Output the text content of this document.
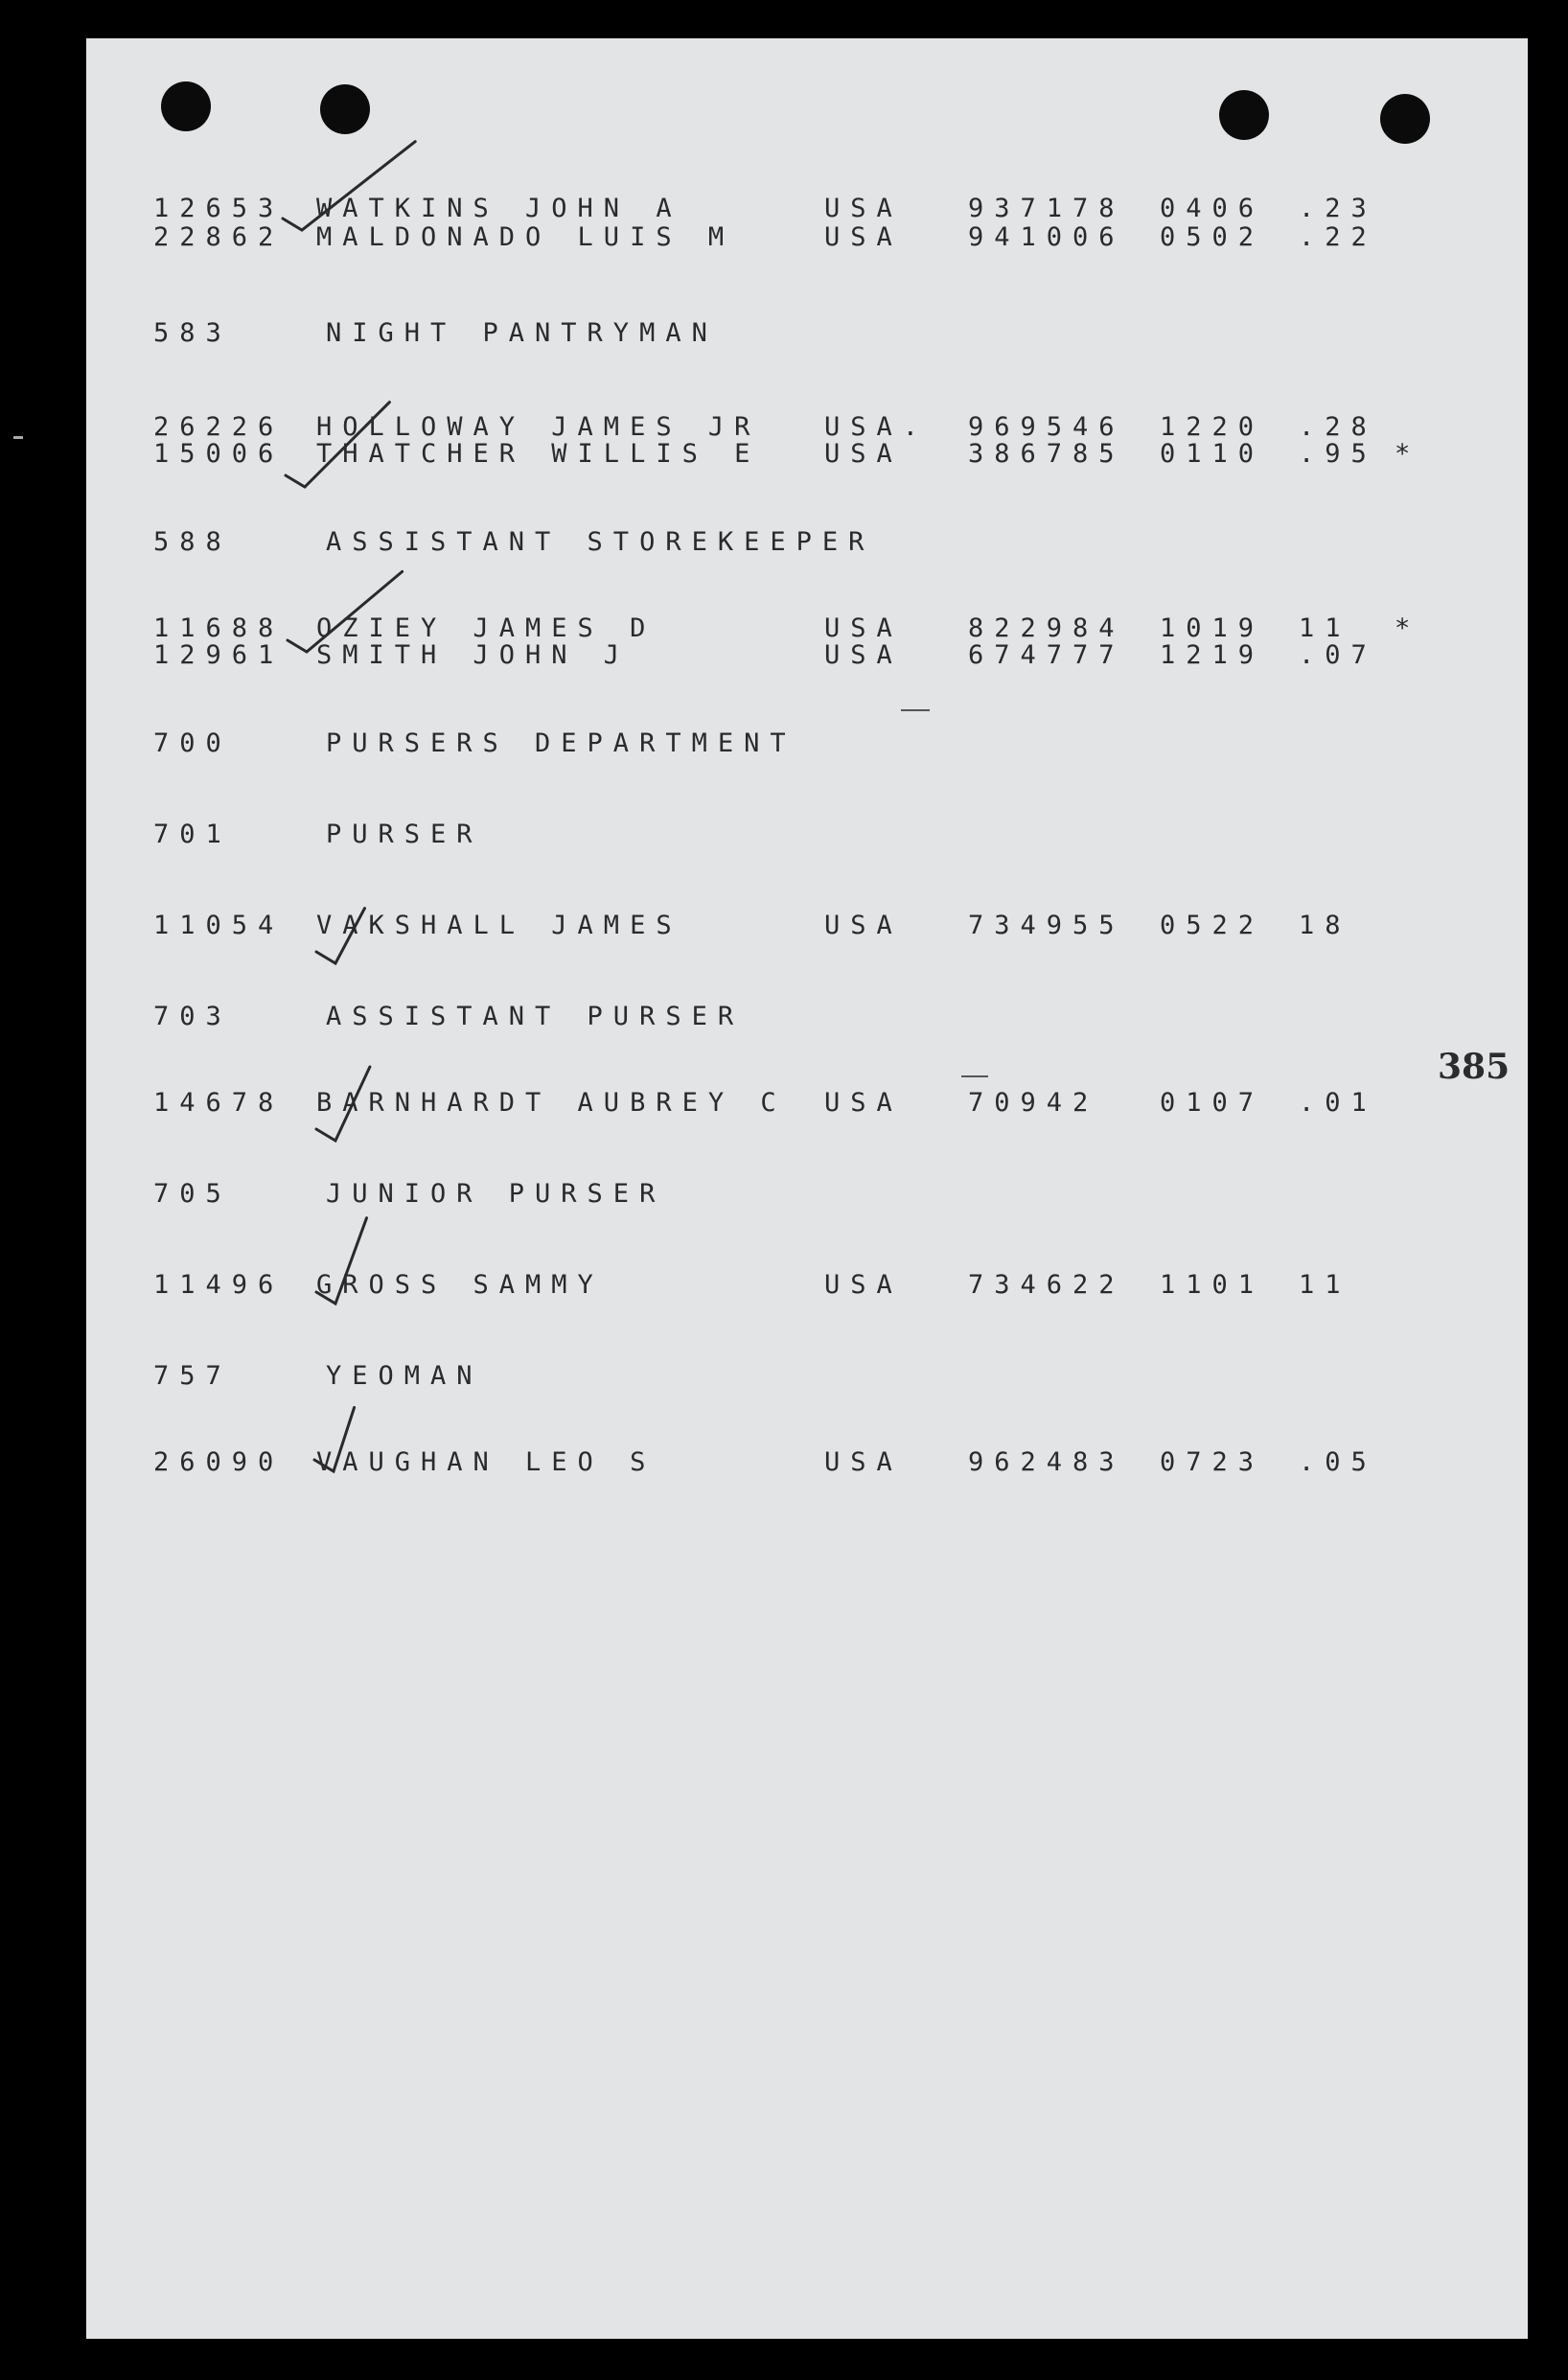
12653 WATKINS JOHN A	USA	937178 0406 .23
22862 MALDONADO LUIS M	USA	941006 0502 .22
583	NIGHT PANTRYMAN
26226 HOLLOWAY JAMES JR USA. 969546 1220 .28
15006 THATCHER WILLIS E USA	386785 0110 .95 *
588	ASSISTANT STOREKEEPER
11688 OZIEY JAMES D	USA	822984 1019 11 *
12961 SMITH JOHN J	USA	674777 1219 .07
700	PURSERS DEPARTMENT
701	PURSER
11054 VAKSHALL JAMES	USA	734955 0522 18
703	ASSISTANT PURSER
14678 BARNHARDT AUBREY C USA	70942 0107 .01
705	JUNIOR PURSER
11496 GROSS SAMMY	USA	734622 1101 11
757	YEOMAN
26090 VAUGHAN LEO S	USA	962483 0723 .05
385
